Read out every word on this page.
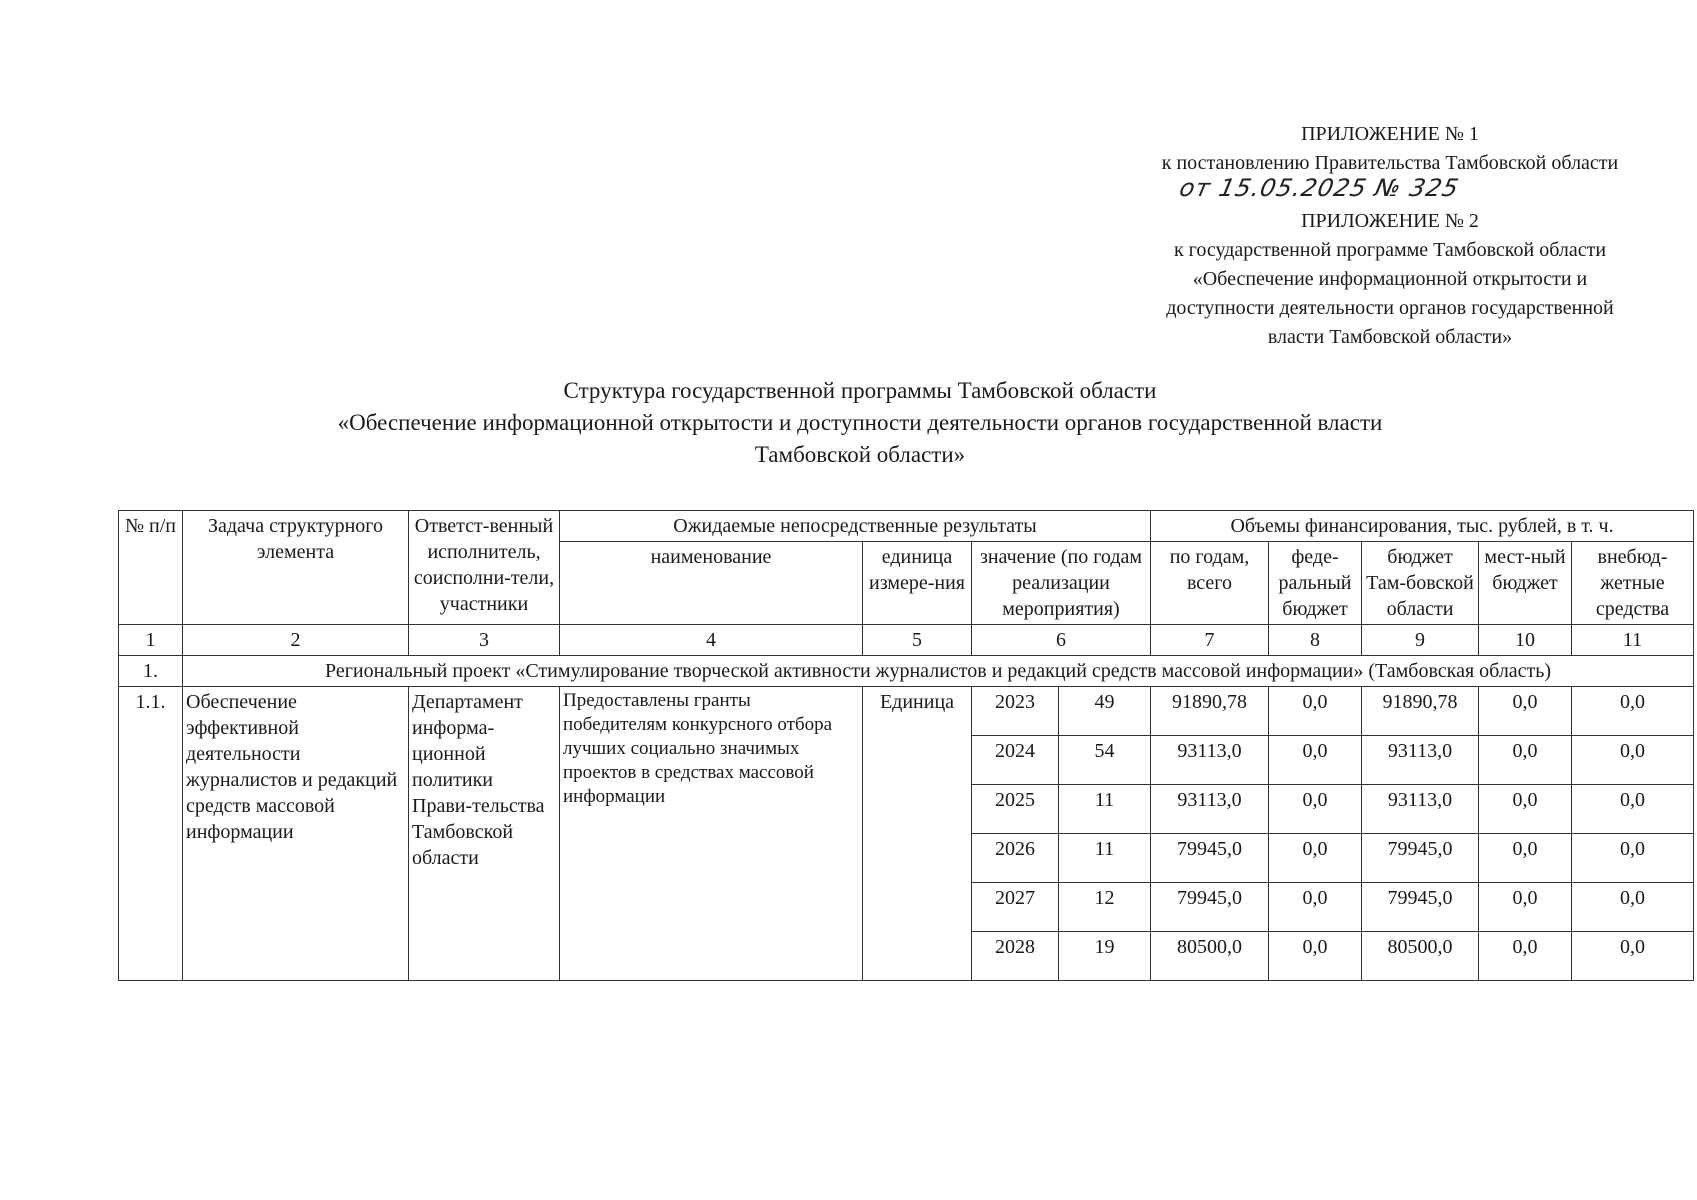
ПРИЛОЖЕНИЕ № 1
к постановлению Правительства Тамбовской области
ПРИЛОЖЕНИЕ № 2
к государственной программе Тамбовской области
«Обеспечение информационной открытости и
доступности деятельности органов государственной
власти Тамбовской области»
от 15.05.2025 № 325
Структура государственной программы Тамбовской области
«Обеспечение информационной открытости и доступности деятельности органов государственной власти
Тамбовской области»
№ п/п	Задача структурного элемента	Ответст-венный исполнитель, соисполни-тели, участники	Ожидаемые непосредственные результаты				Объемы финансирования, тыс. рублей, в т. ч.				
			наименование	единица измере-ния	значение (по годам реализации мероприятия)		по годам, всего	феде-ральный бюджет	бюджет Там-бовской области	мест-ный бюджет	внебюд-жетные средства
1	2	3	4	5	6		7	8	9	10	11
1.	Региональный проект «Стимулирование творческой активности журналистов и редакций средств массовой информации» (Тамбовская область)										
1.1.	Обеспечение эффективной деятельности журналистов и редакций средств массовой информации	Департамент информа-ционной политики Прави-тельства Тамбовской области	Предоставлены гранты победителям конкурсного отбора лучших социально значимых проектов в средствах массовой информации	Единица	2023	49	91890,78	0,0	91890,78	0,0	0,0
					2024	54	93113,0	0,0	93113,0	0,0	0,0
					2025	11	93113,0	0,0	93113,0	0,0	0,0
					2026	11	79945,0	0,0	79945,0	0,0	0,0
					2027	12	79945,0	0,0	79945,0	0,0	0,0
					2028	19	80500,0	0,0	80500,0	0,0	0,0
